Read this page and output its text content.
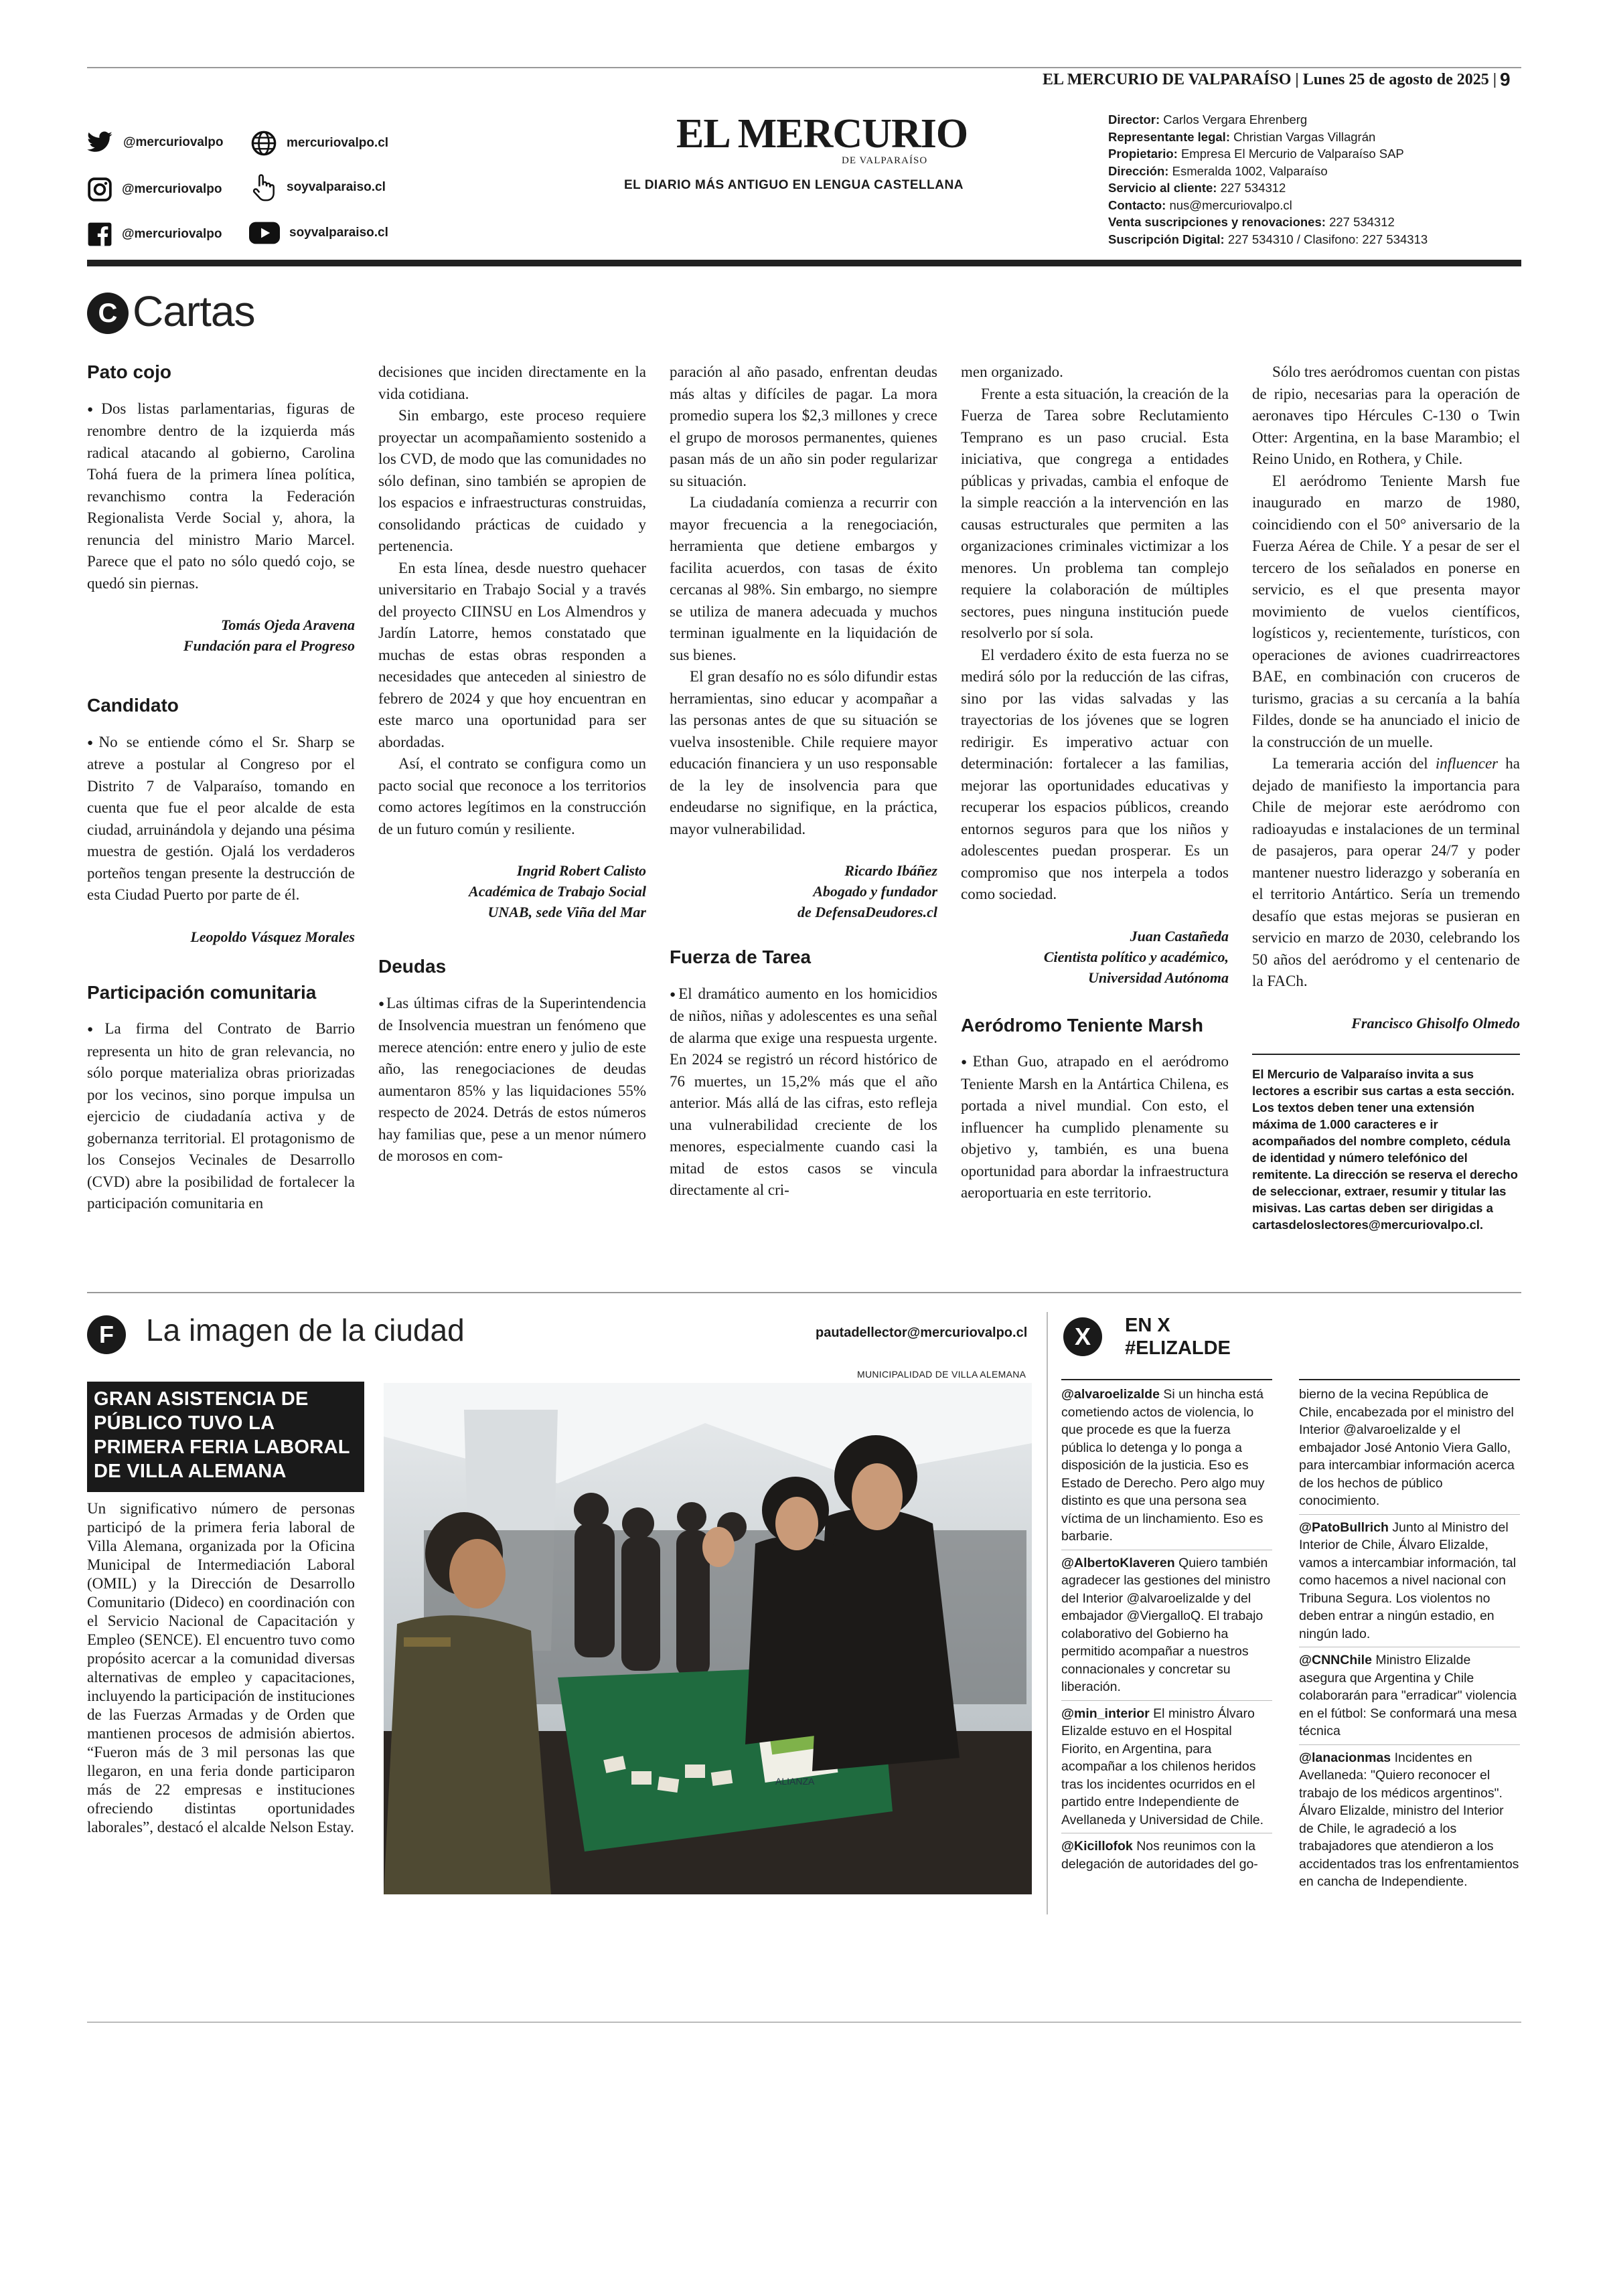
EL MERCURIO DE VALPARAÍSO | Lunes 25 de agosto de 2025 | 9
@mercuriovalpo	mercuriovalpo.cl
@mercuriovalpo	soyvalparaiso.cl
@mercuriovalpo	soyvalparaiso.cl
EL MERCURIO
DE VALPARAÍSO
EL DIARIO MÁS ANTIGUO EN LENGUA CASTELLANA
Director: Carlos Vergara Ehrenberg
Representante legal: Christian Vargas Villagrán
Propietario: Empresa El Mercurio de Valparaíso SAP
Dirección: Esmeralda 1002, Valparaíso
Servicio al cliente: 227 534312
Contacto: nus@mercuriovalpo.cl
Venta suscripciones y renovaciones: 227 534312
Suscripción Digital: 227 534310 / Clasifono: 227 534313
C Cartas
Pato cojo

● Dos listas parlamentarias, figuras de renombre dentro de la izquierda más radical atacando al gobierno, Carolina Tohá fuera de la primera línea política, revanchismo contra la Federación Regionalista Verde Social y, ahora, la renuncia del ministro Mario Marcel. Parece que el pato no sólo quedó cojo, se quedó sin piernas.

Tomás Ojeda Aravena
Fundación para el Progreso

Candidato

● No se entiende cómo el Sr. Sharp se atreve a postular al Congreso por el Distrito 7 de Valparaíso, tomando en cuenta que fue el peor alcalde de esta ciudad, arruinándola y dejando una pésima muestra de gestión. Ojalá los verdaderos porteños tengan presente la destrucción de esta Ciudad Puerto por parte de él.

Leopoldo Vásquez Morales

Participación comunitaria

● La firma del Contrato de Barrio representa un hito de gran relevancia, no sólo porque materializa obras priorizadas por los vecinos, sino porque impulsa un ejercicio de ciudadanía activa y de gobernanza territorial. El protagonismo de los Consejos Vecinales de Desarrollo (CVD) abre la posibilidad de fortalecer la participación comunitaria en

decisiones que inciden directamente en la vida cotidiana.

Sin embargo, este proceso requiere proyectar un acompañamiento sostenido a los CVD, de modo que las comunidades no sólo definan, sino también se apropien de los espacios e infraestructuras construidas, consolidando prácticas de cuidado y pertenencia.

En esta línea, desde nuestro quehacer universitario en Trabajo Social y a través del proyecto CIINSU en Los Almendros y Jardín Latorre, hemos constatado que muchas de estas obras responden a necesidades que anteceden al siniestro de febrero de 2024 y que hoy encuentran en este marco una oportunidad para ser abordadas.

Así, el contrato se configura como un pacto social que reconoce a los territorios como actores legítimos en la construcción de un futuro común y resiliente.

Ingrid Robert Calisto
Académica de Trabajo Social
UNAB, sede Viña del Mar

Deudas

● Las últimas cifras de la Superintendencia de Insolvencia muestran un fenómeno que merece atención: entre enero y julio de este año, las renegociaciones de deudas aumentaron 85% y las liquidaciones 55% respecto de 2024. Detrás de estos números hay familias que, pese a un menor número de morosos en com-

paración al año pasado, enfrentan deudas más altas y difíciles de pagar. La mora promedio supera los $2,3 millones y crece el grupo de morosos permanentes, quienes pasan más de un año sin poder regularizar su situación.

La ciudadanía comienza a recurrir con mayor frecuencia a la renegociación, herramienta que detiene embargos y facilita acuerdos, con tasas de éxito cercanas al 98%. Sin embargo, no siempre se utiliza de manera adecuada y muchos terminan igualmente en la liquidación de sus bienes.

El gran desafío no es sólo difundir estas herramientas, sino educar y acompañar a las personas antes de que su situación se vuelva insostenible. Chile requiere mayor educación financiera y un uso responsable de la ley de insolvencia para que endeudarse no signifique, en la práctica, mayor vulnerabilidad.

Ricardo Ibáñez
Abogado y fundador
de DefensaDeudores.cl

Fuerza de Tarea

● El dramático aumento en los homicidios de niños, niñas y adolescentes es una señal de alarma que exige una respuesta urgente. En 2024 se registró un récord histórico de 76 muertes, un 15,2% más que el año anterior. Más allá de las cifras, esto refleja una vulnerabilidad creciente de los menores, especialmente cuando casi la mitad de estos casos se vincula directamente al cri-

men organizado.

Frente a esta situación, la creación de la Fuerza de Tarea sobre Reclutamiento Temprano es un paso crucial. Esta iniciativa, que congrega a entidades públicas y privadas, cambia el enfoque de la simple reacción a la intervención en las causas estructurales que permiten a las organizaciones criminales victimizar a los menores. Un problema tan complejo requiere la colaboración de múltiples sectores, pues ninguna institución puede resolverlo por sí sola.

El verdadero éxito de esta fuerza no se medirá sólo por la reducción de las cifras, sino por las vidas salvadas y las trayectorias de los jóvenes que se logren redirigir. Es imperativo actuar con determinación: fortalecer a las familias, mejorar las oportunidades educativas y recuperar los espacios públicos, creando entornos seguros para que los niños y adolescentes puedan prosperar. Es un compromiso que nos interpela a todos como sociedad.

Juan Castañeda
Cientista político y académico,
Universidad Autónoma

Aeródromo Teniente Marsh

● Ethan Guo, atrapado en el aeródromo Teniente Marsh en la Antártica Chilena, es portada a nivel mundial. Con esto, el influencer ha cumplido plenamente su objetivo y, también, es una buena oportunidad para abordar la infraestructura aeroportuaria en este territorio.

Sólo tres aeródromos cuentan con pistas de ripio, necesarias para la operación de aeronaves tipo Hércules C-130 o Twin Otter: Argentina, en la base Marambio; el Reino Unido, en Rothera, y Chile.

El aeródromo Teniente Marsh fue inaugurado en marzo de 1980, coincidiendo con el 50° aniversario de la Fuerza Aérea de Chile. Y a pesar de ser el tercero de los señalados en ponerse en servicio, es el que presenta mayor movimiento de vuelos científicos, logísticos y, recientemente, turísticos, con operaciones de aviones cuadrirreactores BAE, en combinación con cruceros de turismo, gracias a su cercanía a la bahía Fildes, donde se ha anunciado el inicio de la construcción de un muelle.

La temeraria acción del influencer ha dejado de manifiesto la importancia para Chile de mejorar este aeródromo con radioayudas e instalaciones de un terminal de pasajeros, para operar 24/7 y poder mantener nuestro liderazgo y soberanía en el territorio Antártico. Sería un tremendo desafío que estas mejoras se pusieran en servicio en marzo de 2030, celebrando los 50 años del aeródromo y el centenario de la FACh.

Francisco Ghisolfo Olmedo

El Mercurio de Valparaíso invita a sus lectores a escribir sus cartas a esta sección. Los textos deben tener una extensión máxima de 1.000 caracteres e ir acompañados del nombre completo, cédula de identidad y número telefónico del remitente. La dirección se reserva el derecho de seleccionar, extraer, resumir y titular las misivas. Las cartas deben ser dirigidas a cartasdeloslectores@mercuriovalpo.cl.
F	La imagen de la ciudad	pautadellector@mercuriovalpo.cl
MUNICIPALIDAD DE VILLA ALEMANA
GRAN ASISTENCIA DE PÚBLICO TUVO LA PRIMERA FERIA LABORAL DE VILLA ALEMANA
Un significativo número de personas participó de la primera feria laboral de Villa Alemana, organizada por la Oficina Municipal de Intermediación Laboral (OMIL) y la Dirección de Desarrollo Comunitario (Dideco) en coordinación con el Servicio Nacional de Capacitación y Empleo (SENCE). El encuentro tuvo como propósito acercar a la comunidad diversas alternativas de empleo y capacitaciones, incluyendo la participación de instituciones de las Fuerzas Armadas y de Orden que mantienen procesos de admisión abiertos. “Fueron más de 3 mil personas las que llegaron, en una feria donde participaron más de 22 empresas e instituciones ofreciendo distintas oportunidades laborales”, destacó el alcalde Nelson Estay.
ALIANZA
X	EN X
#ELIZALDE

@alvaroelizalde Si un hincha está cometiendo actos de violencia, lo que procede es que la fuerza pública lo detenga y lo ponga a disposición de la justicia. Eso es Estado de Derecho. Pero algo muy distinto es que una persona sea víctima de un linchamiento. Eso es barbarie.

@AlbertoKlaveren Quiero también agradecer las gestiones del ministro del Interior @alvaroelizalde y del embajador @ViergalloQ. El trabajo colaborativo del Gobierno ha permitido acompañar a nuestros connacionales y concretar su liberación.

@min_interior El ministro Álvaro Elizalde estuvo en el Hospital Fiorito, en Argentina, para acompañar a los chilenos heridos tras los incidentes ocurridos en el partido entre Independiente de Avellaneda y Universidad de Chile.

@Kicillofok Nos reunimos con la delegación de autoridades del go-

bierno de la vecina República de Chile, encabezada por el ministro del Interior @alvaroelizalde y el embajador José Antonio Viera Gallo, para intercambiar información acerca de los hechos de público conocimiento.

@PatoBullrich Junto al Ministro del Interior de Chile, Álvaro Elizalde, vamos a intercambiar información, tal como hacemos a nivel nacional con Tribuna Segura. Los violentos no deben entrar a ningún estadio, en ningún lado.

@CNNChile Ministro Elizalde asegura que Argentina y Chile colaborarán para "erradicar" violencia en el fútbol: Se conformará una mesa técnica

@lanacionmas Incidentes en Avellaneda: "Quiero reconocer el trabajo de los médicos argentinos". Álvaro Elizalde, ministro del Interior de Chile, le agradeció a los trabajadores que atendieron a los accidentados tras los enfrentamientos en cancha de Independiente.
